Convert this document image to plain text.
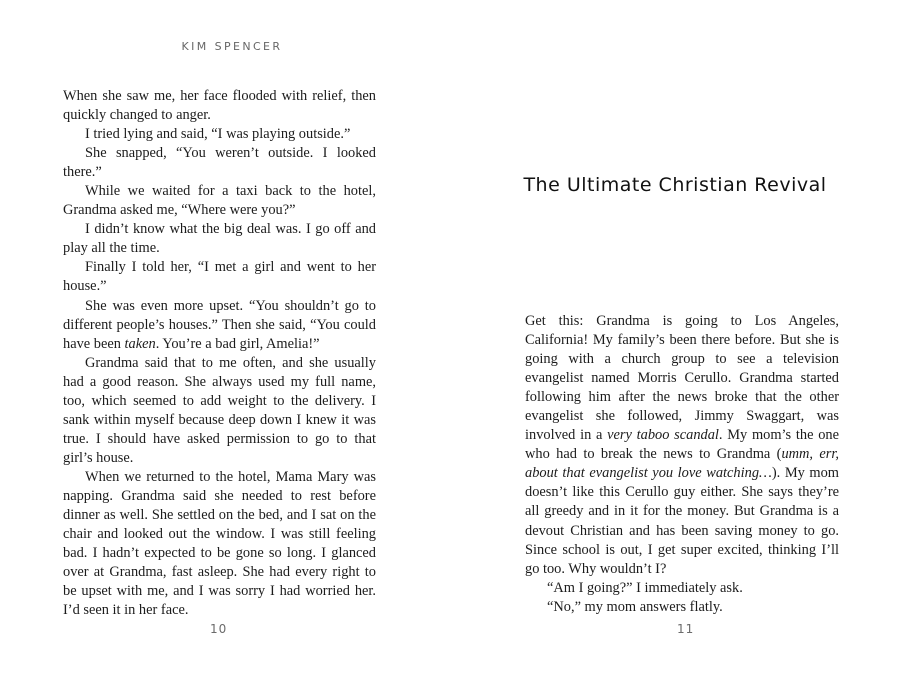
KIM SPENCER

When she saw me, her face flooded with relief, then quickly changed to anger.

I tried lying and said, “I was playing outside.”

She snapped, “You weren’t outside. I looked there.”

While we waited for a taxi back to the hotel, Grandma asked me, “Where were you?”

I didn’t know what the big deal was. I go off and play all the time.

Finally I told her, “I met a girl and went to her house.”

She was even more upset. “You shouldn’t go to different people’s houses.” Then she said, “You could have been taken. You’re a bad girl, Amelia!”

Grandma said that to me often, and she usually had a good reason. She always used my full name, too, which seemed to add weight to the delivery. I sank within myself because deep down I knew it was true. I should have asked permission to go to that girl’s house.

When we returned to the hotel, Mama Mary was napping. Grandma said she needed to rest before dinner as well. She settled on the bed, and I sat on the chair and looked out the window. I was still feeling bad. I hadn’t expected to be gone so long. I glanced over at Grandma, fast asleep. She had every right to be upset with me, and I was sorry I had worried her. I’d seen it in her face.

10
The Ultimate Christian Revival

Get this: Grandma is going to Los Angeles, California! My family’s been there before. But she is going with a church group to see a television evangelist named Morris Cerullo. Grandma started following him after the news broke that the other evangelist she followed, Jimmy Swaggart, was involved in a very taboo scandal. My mom’s the one who had to break the news to Grandma (umm, err, about that evangelist you love watching…). My mom doesn’t like this Cerullo guy either. She says they’re all greedy and in it for the money. But Grandma is a devout Christian and has been saving money to go. Since school is out, I get super excited, thinking I’ll go too. Why wouldn’t I?

“Am I going?” I immediately ask.

“No,” my mom answers flatly.

11
